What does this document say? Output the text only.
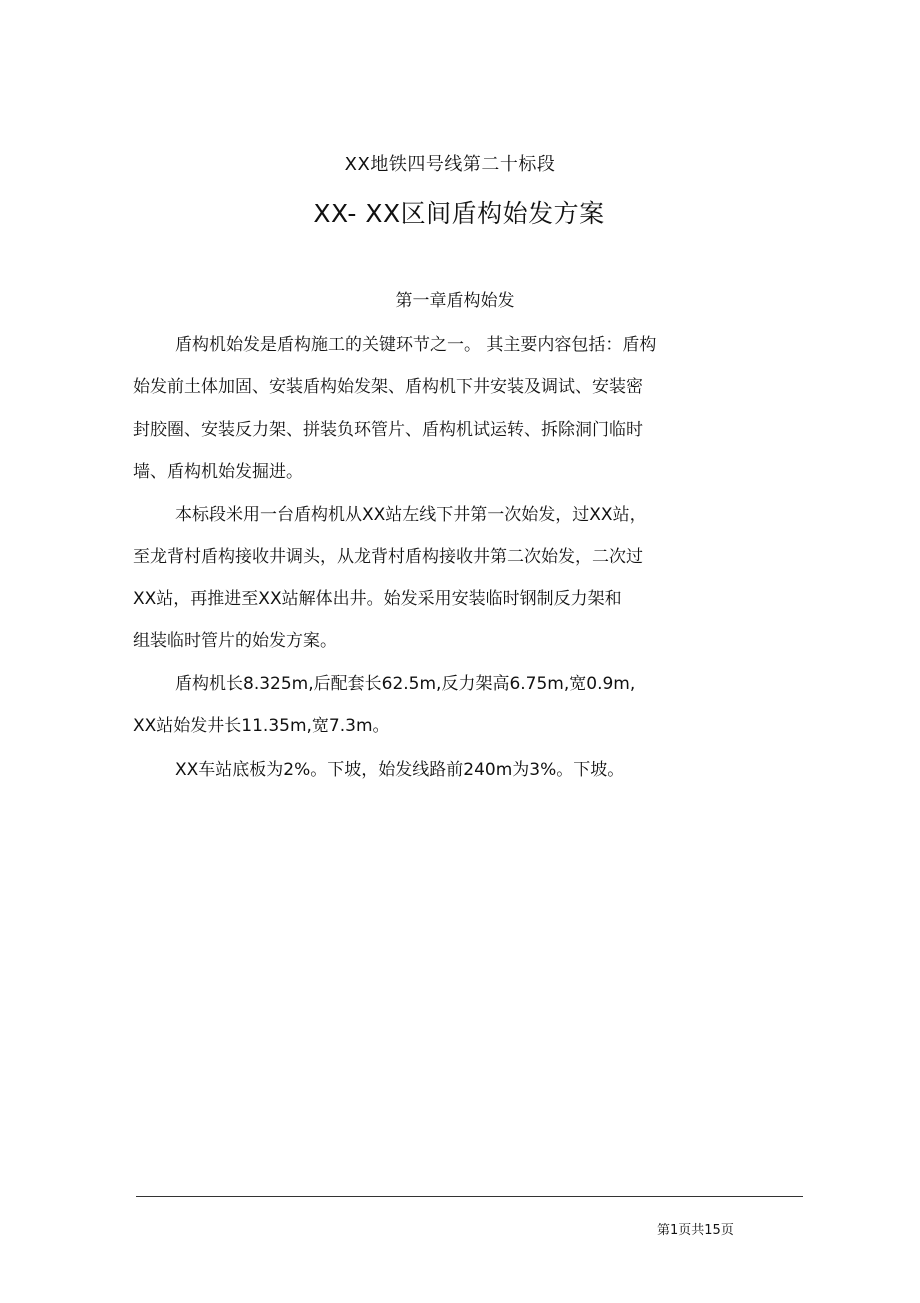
XX地铁四号线第二十标段
XX- XX区间盾构始发方案
第一章盾构始发
盾构机始发是盾构施工的关键环节之一。 其主要内容包括：盾构
始发前土体加固、安装盾构始发架、盾构机下井安装及调试、安装密
封胶圈、安装反力架、拼装负环管片、盾构机试运转、拆除洞门临时
墙、盾构机始发掘进。
本标段米用一台盾构机从XX站左线下井第一次始发，过XX站，
至龙背村盾构接收井调头，从龙背村盾构接收井第二次始发，二次过
XX站，再推进至XX站解体出井。始发采用安装临时钢制反力架和
组装临时管片的始发方案。
盾构机长8.325m,后配套长62.5m,反力架高6.75m,宽0.9m,
XX站始发井长11.35m,宽7.3m。
XX车站底板为2%。下坡，始发线路前240m为3%。下坡。
第1页共15页
